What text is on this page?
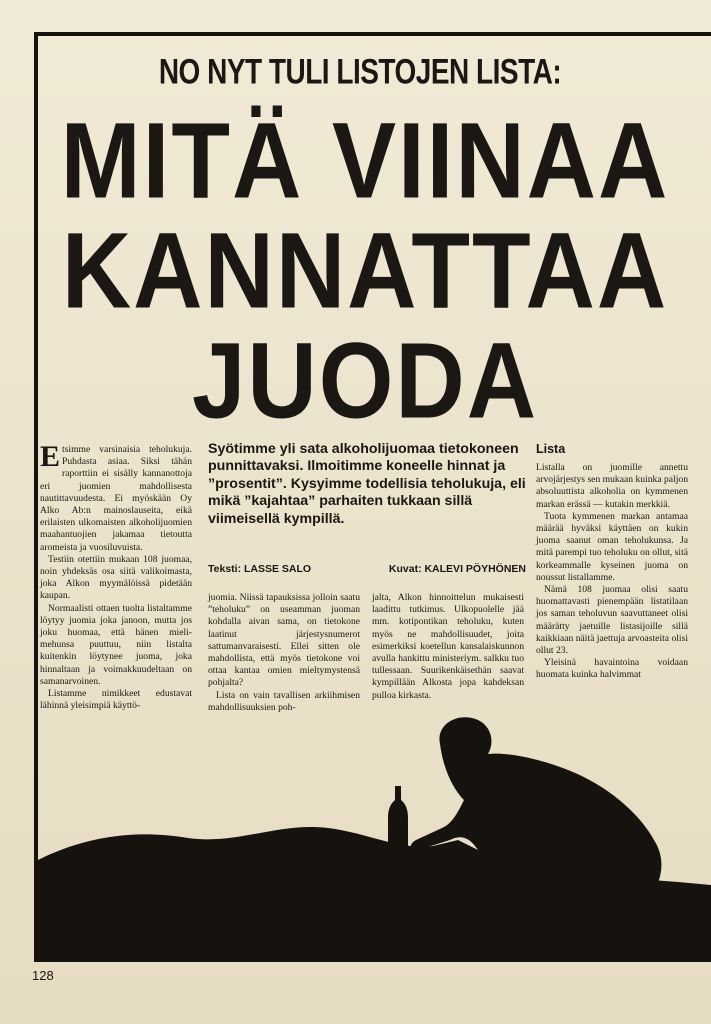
NO NYT TULI LISTOJEN LISTA:
MITÄ VIINAA
KANNATTAA
JUODA

Etsimme varsinaisia teholukuja. Puhdasta asiaa. Siksi tähän raporttiin ei sisälly kannanottoja eri juomien mahdollisesta nautittavuudesta. Ei myöskään Oy Alko Ab:n mainoslauseita, eikä erilaisten ulkomaisten alkoholijuomien maahantuojien jakamaa tietoutta aromeista ja vuosiluvuista.

Testiin otettiin mukaan 108 juomaa, noin yhdeksäs osa siitä valikoimasta, joka Alkon myymälöissä pidetään kaupan.

Normaalisti ottaen tuolta listaltamme löytyy juomia joka janoon, mutta jos joku huomaa, että hänen mieli-mehunsa puuttuu, niin listalta kuitenkin löytynee juoma, joka hinnaltaan ja voimakkuudeltaan on samanarvoinen.

Listamme nimikkeet edustavat lähinnä yleisimpiä käyttö-

Syötimme yli sata alkoholijuomaa tietokoneen punnittavaksi. Ilmoitimme koneelle hinnat ja ”prosentit”. Kysyimme todellisia teholukuja, eli mikä ”kajahtaa” parhaiten tukkaan sillä viimeisellä kympillä.
Teksti: LASSE SALO	Kuvat: KALEVI PÖYHÖNEN

juomia. Niissä tapauksissa jolloin saatu ”teholuku” on useamman juoman kohdalla aivan sama, on tietokone laatinut järjestysnumerot sattumanvaraisesti. Ellei sitten ole mahdollista, että myös tietokone voi ottaa kantaa omien mieltymystensä pohjalta?

Lista on vain tavallisen arkiihmisen mahdollisuuksien poh-

jalta, Alkon hinnoittelun mukaisesti laadittu tutkimus. Ulkopuolelle jää mm. kotipontikan teholuku, kuten myös ne mahdollisuudet, joita esimerkiksi koetellun kansalaiskunnon avulla hankittu ministeriym. salkku tuo tullessaan. Suurikenkäisethän saavat kympillään Alkosta jopa kahdeksan pulloa kirkasta.

Lista

Listalla on juomille annettu arvojärjestys sen mukaan kuinka paljon absoluuttista alkoholia on kymmenen markan erässä — kutakin merkkiä.

Tuota kymmenen markan antamaa määrää hyväksi käyttäen on kukin juoma saanut oman teholukunsa. Ja mitä parempi tuo teholuku on ollut, sitä korkeammalle kyseinen juoma on noussut listallamme.

Nämä 108 juomaa olisi saatu huomattavasti pienempään listatilaan jos saman teholuvun saavuttaneet olisi määrätty jaetuille listasijoille sillä kaikkiaan näitä jaettuja arvoasteita olisi ollut 23.

Yleisinä havaintoina voidaan huomata kuinka halvimmat

128
